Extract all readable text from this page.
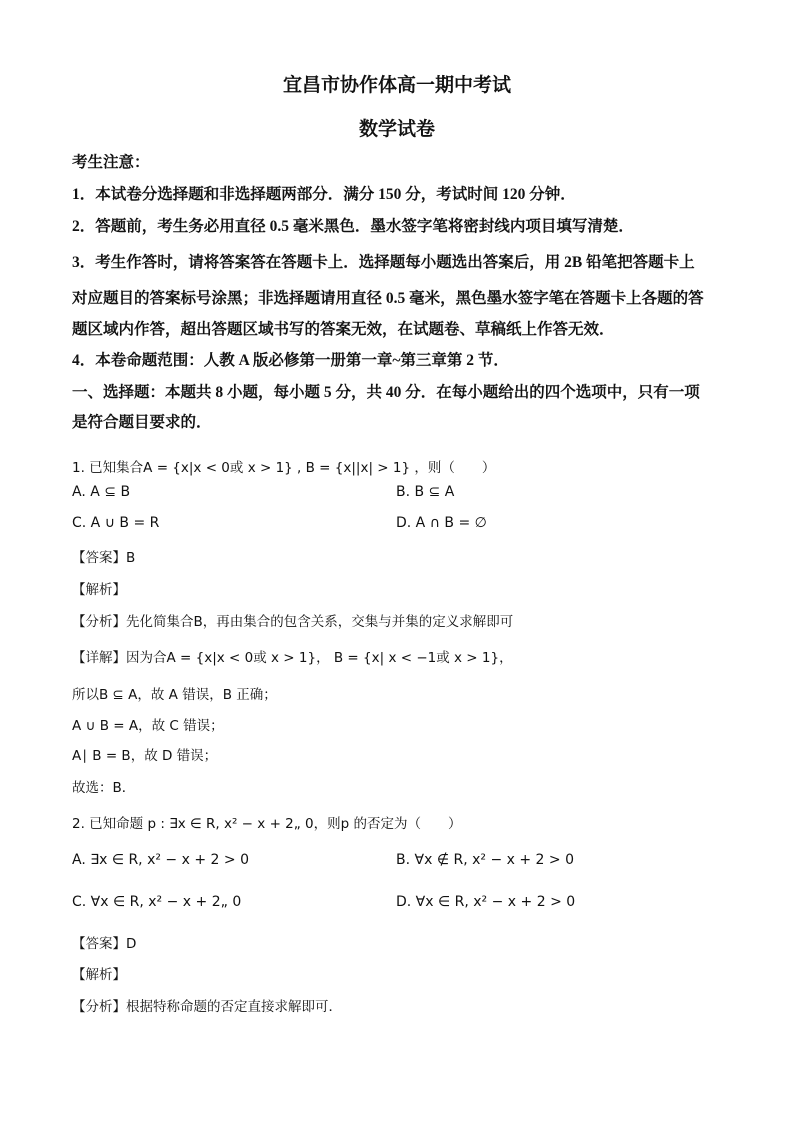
宜昌市协作体高一期中考试
数学试卷
考生注意：
1．本试卷分选择题和非选择题两部分．满分 150 分，考试时间 120 分钟．
2．答题前，考生务必用直径 0.5 毫米黑色．墨水签字笔将密封线内项目填写清楚．
3．考生作答时，请将答案答在答题卡上．选择题每小题选出答案后，用 2B 铅笔把答题卡上
对应题目的答案标号涂黑；非选择题请用直径 0.5 毫米，黑色墨水签字笔在答题卡上各题的答
题区域内作答，超出答题区域书写的答案无效，在试题卷、草稿纸上作答无效．
4．本卷命题范围：人教 A 版必修第一册第一章~第三章第 2 节．
一、选择题：本题共 8 小题，每小题 5 分，共 40 分．在每小题给出的四个选项中，只有一项
是符合题目要求的．
1. 已知集合A = {x|x < 0或 x > 1} , B = {x||x| > 1} ，则（　　）
A. A ⊆ B	B. B ⊆ A
C. A ∪ B = R	D. A ∩ B = ∅
【答案】B
【解析】
【分析】先化简集合B，再由集合的包含关系，交集与并集的定义求解即可
【详解】因为合A = {x|x < 0或 x > 1}， B = {x| x < −1或 x > 1}，
所以B ⊆ A，故 A 错误，B 正确；
A ∪ B = A，故 C 错误；
A∣ B = B，故 D 错误；
故选：B．
2. 已知命题 p : ∃x ∈ R, x² − x + 2„ 0，则p 的否定为（　　）
A. ∃x ∈ R, x² − x + 2 > 0	B. ∀x ∉ R, x² − x + 2 > 0
C. ∀x ∈ R, x² − x + 2„ 0	D. ∀x ∈ R, x² − x + 2 > 0
【答案】D
【解析】
【分析】根据特称命题的否定直接求解即可．
